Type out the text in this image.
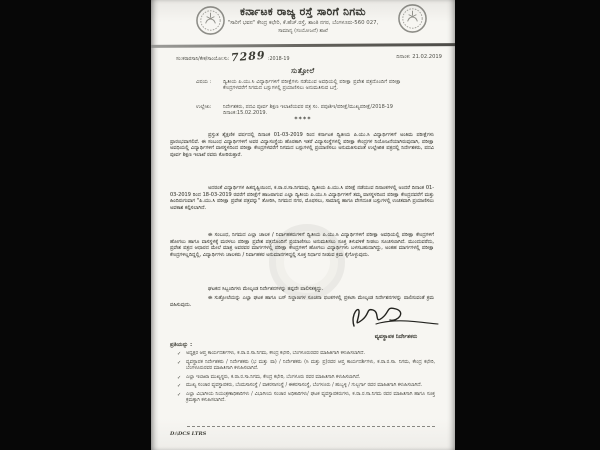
ಕರ್ನಾಟಕ ರಾಜ್ಯ ರಸ್ತೆ ಸಾರಿಗೆ ನಿಗಮ
"ಸಾರಿಗೆ ಭವನ" ಕೇಂದ್ರ ಕಛೇರಿ, ಕೆ.ಹೆಚ್.ರಸ್ತೆ, ಶಾಂತಿ ನಗರ, ಬೆಂಗಳೂರು-560 027,
ಸಾಮಾನ್ಯ (ಸಂಯೋಜನೆ) ಶಾಖೆ
ಸಂ:ಕರಾರಸಾನಿ/ಕೇಕ/ಸಾಂಯೋ:ಸು: 7289 :2018-19	ದಿನಾಂಕ: 21.02.2019
ಸುತ್ತೋಲೆ
ವಿಷಯ :	ದ್ವಿತೀಯ ಪಿ.ಯು.ಸಿ ವಿದ್ಯಾರ್ಥಿಗಳಿಗೆ ಪರೀಕ್ಷೆಗಳು ನಡೆಯುವ ಅವಧಿಯಲ್ಲಿ ಪರೀಕ್ಷಾ ಪ್ರವೇಶ ಪತ್ರದೊಂದಿಗೆ ಪರೀಕ್ಷಾ ಕೇಂದ್ರಗಳವರೆಗೆ ನಿಗಮದ ಬಸ್ಸುಗಳಲ್ಲಿ ಪ್ರಯಾಣಿಸಲು ಅನುಮತಿಸುವ ಬಗ್ಗೆ.
ಉಲ್ಲೇಖ:	ನಿರ್ದೇಶಕರು, ಪದವಿ ಪೂರ್ವ ಶಿಕ್ಷಣ ಇಲಾಖೆಯವರ ಪತ್ರ ಸಂ. ಪಪೂಶಿಇ/ಪರೀಕ್ಷೆ/ಮುಖ್ಯಪರೀಕ್ಷೆ/2018-19 ದಿನಾಂಕ:15.02.2019.
****

ಪ್ರಸ್ತುತ ಶೈಕ್ಷಣಿಕ ವರ್ಷದಲ್ಲಿ ದಿನಾಂಕ 01-03-2019 ರಿಂದ ಕರ್ನಾಟಕ ದ್ವಿತೀಯ ಪಿ.ಯು.ಸಿ ವಿದ್ಯಾರ್ಥಿಗಳಿಗೆ ಅಂತಿಮ ಪರೀಕ್ಷೆಗಳು ಪ್ರಾರಂಭವಾಗಲಿವೆ. ಈ ಸಂಬಂಧ ವಿದ್ಯಾರ್ಥಿಗಳಿಗೆ ಅವರ ವಿದ್ಯಾಸಂಸ್ಥೆಯ ಹೊರತಾಗಿ ಇತರೆ ವಿದ್ಯಾಸಂಸ್ಥೆಗಳಲ್ಲಿ ಪರೀಕ್ಷಾ ಕೇಂದ್ರಗಳ ನಿಯೋಜನೆಯಾಗಿರುವುದಾಗಿ, ಪರೀಕ್ಷಾ ಅವಧಿಯಲ್ಲಿ ವಿದ್ಯಾರ್ಥಿಗಳಿಗೆ ವಾಸಸ್ಥಳದಿಂದ ಪರೀಕ್ಷಾ ಕೇಂದ್ರಗಳವರೆಗೆ ನಿಗಮದ ಬಸ್ಸುಗಳಲ್ಲಿ ಪ್ರಯಾಣಿಸಲು ಅನುಮತಿಸುವಂತೆ ಉಲ್ಲೇಖಿತ ಪತ್ರದಲ್ಲಿ ನಿರ್ದೇಶಕರು, ಪದವಿ ಪೂರ್ವ ಶಿಕ್ಷಣ ಇಲಾಖೆ ರವರು ಕೋರಿರುತ್ತಾರೆ.

ಅದರಂತೆ ವಿದ್ಯಾರ್ಥಿಗಳ ಹಿತದೃಷ್ಟಿಯಿಂದ, ಕ.ರಾ.ರ.ಸಾ.ನಿಗಮವು, ದ್ವಿತೀಯ ಪಿ.ಯು.ಸಿ ಪರೀಕ್ಷೆ ನಡೆಯುವ ದಿನಾಂಕಗಳಲ್ಲಿ ಅಂದರೆ ದಿನಾಂಕ 01-03-2019 ರಿಂದ 18-03-2019 ರವರೆಗೆ ಪರೀಕ್ಷೆಗೆ ಹಾಜರಾಗುವ ಎಲ್ಲಾ ದ್ವಿತೀಯ ಪಿ.ಯು.ಸಿ ವಿದ್ಯಾರ್ಥಿಗಳಿಗೆ ತಮ್ಮ ವಾಸಸ್ಥಳದಿಂದ ಪರೀಕ್ಷಾ ಕೇಂದ್ರದವರೆಗೆ ಮತ್ತು ಹಿಂದಿರುಗುವಾಗ "ಪಿ.ಯು.ಸಿ ಪರೀಕ್ಷಾ ಪ್ರವೇಶ ಪತ್ರವನ್ನು" ತೋರಿಸಿ, ನಿಗಮದ ನಗರ, ಮೊಫಸಲು, ಸಾಮಾನ್ಯ ಹಾಗೂ ವೇಗದೂತ ಬಸ್ಸುಗಳಲ್ಲಿ ಉಚಿತವಾಗಿ ಪ್ರಯಾಣಿಸಲು ಅವಕಾಶ ಕಲ್ಪಿಸಲಾಗಿದೆ.

ಈ ಸಂಬಂಧ, ನಿಗಮದ ಎಲ್ಲಾ ಚಾಲಕ / ನಿರ್ವಾಹಕರುಗಳಿಗೆ ದ್ವಿತೀಯ ಪಿ.ಯು.ಸಿ ವಿದ್ಯಾರ್ಥಿಗಳಿಗೆ ಪರೀಕ್ಷಾ ಅವಧಿಯಲ್ಲಿ ಪರೀಕ್ಷಾ ಕೇಂದ್ರಗಳಿಗೆ ಹೋಗಲು ಹಾಗೂ ವಾಸಸ್ಥಳಕ್ಕೆ ಮರಳಲು ಪರೀಕ್ಷಾ ಪ್ರವೇಶ ಪತ್ರದೊಂದಿಗೆ ಪ್ರಯಾಣಿಸಲು ಅನುಮತಿಸಲು ಸೂಕ್ತ ತಿಳುವಳಿಕೆ ನೀಡಲು ಸೂಚಿಸಲಾಗಿದೆ. ಮುಂದುವರೆದು, ಪ್ರವೇಶ ಪತ್ರದ ಆಧಾರದ ಮೇಲೆ ಮಾತ್ರ ಅವರವರ ಮಾರ್ಗಗಳಲ್ಲಿ ಪರೀಕ್ಷಾ ಕೇಂದ್ರಗಳಿಗೆ ಹೋಗಲು ವಿದ್ಯಾರ್ಥಿಗಳು ಬಳಸಬಹುದಾಗಿದ್ದು, ಅಂತಹ ಮಾರ್ಗಗಳಲ್ಲಿ ಪರೀಕ್ಷಾ ಕೇಂದ್ರಗಳಿಲ್ಲದಿದ್ದಲ್ಲಿ, ವಿದ್ಯಾರ್ಥಿಗಳು ಚಾಲಕರು / ನಿರ್ವಾಹಕರ ಅನುಮಾನಗಳಿದ್ದಲ್ಲಿ ಸೂಕ್ತ ನಿರ್ಧಾರ ನೀಡುವ ಕ್ರಮ ಕೈಗೊಳ್ಳುವುದು.

ಘಟಕದ ಸಿಬ್ಬಂದಿಗಳು ಮೇಲ್ಕಂಡ ನಿರ್ದೇಶನಗಳನ್ನು ತಪ್ಪದೇ ಪಾಲಿಸತಕ್ಕದ್ದು.

ಈ ಸುತ್ತೋಲೆಯನ್ನು ಎಲ್ಲಾ ಘಟಕ ಹಾಗೂ ಬಸ್ ನಿಲ್ದಾಣಗಳ ಸೂಚನಾ ಫಲಕಗಳಲ್ಲಿ ಪ್ರಕಟಿಸಿ ಮೇಲ್ಕಂಡ ನಿರ್ದೇಶನಗಳನ್ನು ಪಾಲಿಸುವಂತೆ ಕ್ರಮ ವಹಿಸುವುದು.

ವ್ಯವಸ್ಥಾಪಕ ನಿರ್ದೇಶಕರು
ಪ್ರತಿಯನ್ನು :
✓ ಅಧ್ಯಕ್ಷರ ಆಪ್ತ ಕಾರ್ಯದರ್ಶಿಗಳು, ಕ.ರಾ.ರ.ಸಾ.ನಿಗಮ, ಕೇಂದ್ರ ಕಛೇರಿ, ಬೆಂಗಳೂರುರವರ ಮಾಹಿತಿಗಾಗಿ ಕಳುಹಿಸಲಾಗಿದೆ.
✓ ವ್ಯವಸ್ಥಾಪಕ ನಿರ್ದೇಶಕರು / ನಿರ್ದೇಶಕರು (ಭ ಮತ್ತು ಪಾ) / ನಿರ್ದೇಶಕರು (ಸಿ ಮತ್ತು ಪ್ರ)ರವರ ಆಪ್ತ ಕಾರ್ಯದರ್ಶಿಗಳು, ಕ.ರಾ.ರ.ಸಾ. ನಿಗಮ, ಕೇಂದ್ರ ಕಛೇರಿ, ಬೆಂಗಳೂರುರವರ ಮಾಹಿತಿಗಾಗಿ ಕಳುಹಿಸಲಾಗಿದೆ.
✓ ಎಲ್ಲಾ ಇಲಾಖಾ ಮುಖ್ಯಸ್ಥರು, ಕ.ರಾ.ರ.ಸಾ.ನಿಗಮ, ಕೇಂದ್ರ ಕಛೇರಿ, ಬೆಂಗಳೂರು ರವರ ಮಾಹಿತಿಗಾಗಿ ಕಳುಹಿಸಲಾಗಿದೆ.
✓ ಮುಖ್ಯ ಸಂಚಾರ ವ್ಯವಸ್ಥಾಪಕರು, ಬೆಂಮಸಾಸಂಸ್ಥೆ / ವಾಕರಸಾಸಂಸ್ಥೆ / ಈಕರಸಾಸಂಸ್ಥೆ, ಬೆಂಗಳೂರು / ಹುಬ್ಬಳ್ಳಿ / ಗುಲ್ಬರ್ಗಾ ರವರ ಮಾಹಿತಿಗಾಗಿ ಕಳುಹಿಸಲಾಗಿದೆ.
✓ ಎಲ್ಲಾ ವಿಭಾಗೀಯ ನಿಯಂತ್ರಣಾಧಿಕಾರಿಗಳು / ವಿಭಾಗೀಯ ಸಂಚಾರ ಅಧಿಕಾರಿಗಳು/ ಘಟಕ ವ್ಯವಸ್ಥಾಪಕರುಗಳು, ಕ.ರಾ.ರ.ಸಾ.ನಿಗಮ ರವರ ಮಾಹಿತಿಗಾಗಿ ಹಾಗೂ ಸೂಕ್ತ ಕ್ರಮಕ್ಕಾಗಿ ಕಳುಹಿಸಲಾಗಿದೆ.
D:\DCS LTRS
